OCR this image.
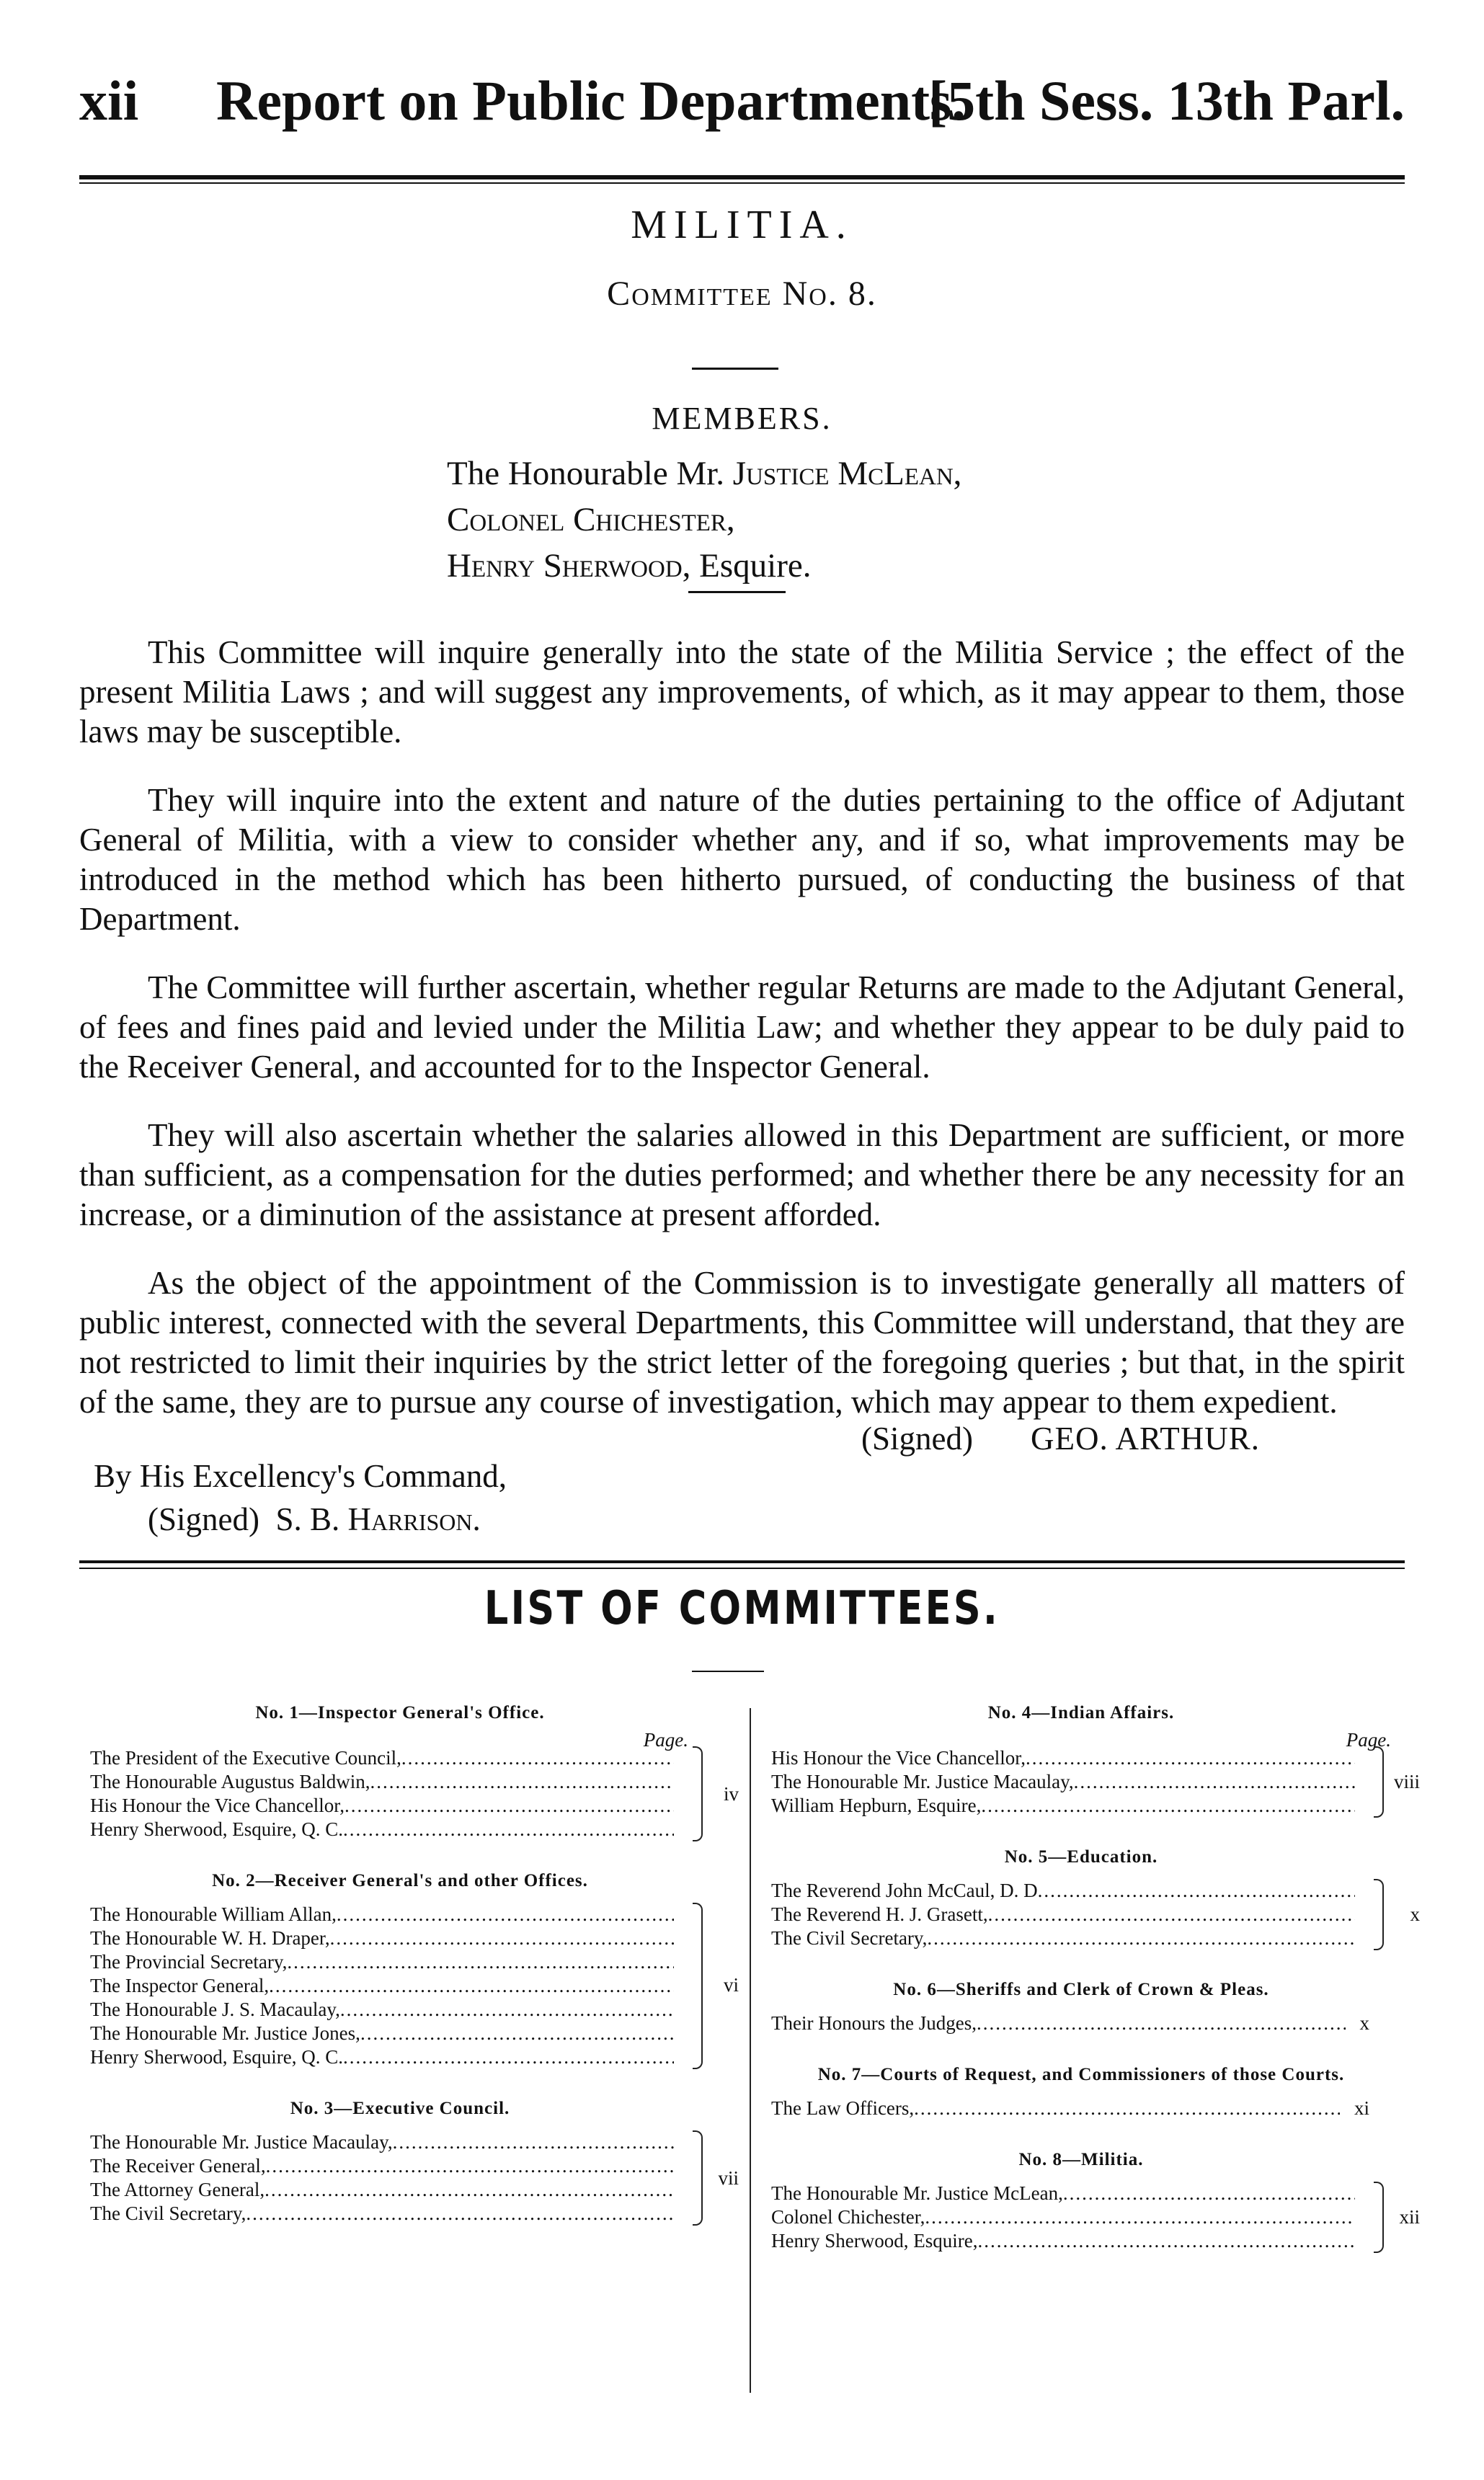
xii Report on Public Departments.
[5th Sess. 13th Parl.
MILITIA.
Committee No. 8.
MEMBERS.
The Honourable Mr. Justice McLean,
Colonel Chichester,
Henry Sherwood, Esquire.

This Committee will inquire generally into the state of the Militia Service ; the effect of the present Militia Laws ; and will suggest any improvements, of which, as it may appear to them, those laws may be susceptible.

They will inquire into the extent and nature of the duties pertaining to the office of Adjutant General of Militia, with a view to consider whether any, and if so, what improvements may be introduced in the method which has been hitherto pursued, of conducting the business of that Department.

The Committee will further ascertain, whether regular Returns are made to the Adjutant General, of fees and fines paid and levied under the Militia Law; and whether they appear to be duly paid to the Receiver General, and accounted for to the Inspector General.

They will also ascertain whether the salaries allowed in this Department are sufficient, or more than sufficient, as a compensation for the duties performed; and whether there be any necessity for an increase, or a diminution of the assistance at present afforded.

As the object of the appointment of the Commission is to investigate generally all matters of public interest, connected with the several Departments, this Committee will understand, that they are not restricted to limit their inquiries by the strict letter of the foregoing queries ; but that, in the spirit of the same, they are to pursue any course of investigation, which may appear to them expedient.

(Signed) GEO. ARTHUR.
By His Excellency's Command,
(Signed) S. B. Harrison.
LIST OF COMMITTEES.
No. 1—Inspector General's Office.
Page.
The President of the Executive Council,
.....
The Honourable Augustus Baldwin,
.....
His Honour the Vice Chancellor,
.....
Henry Sherwood, Esquire, Q. C.
.....
iv
No. 2—Receiver General's and other Offices.
The Honourable William Allan,
.....
The Honourable W. H. Draper,
.....
The Provincial Secretary,
.....
The Inspector General,
.....
The Honourable J. S. Macaulay,
.....
The Honourable Mr. Justice Jones,
.....
Henry Sherwood, Esquire, Q. C.
.....
vi
No. 3—Executive Council.
The Honourable Mr. Justice Macaulay,
.....
The Receiver General,
.....
The Attorney General,
.....
The Civil Secretary,
.....
vii
No. 4—Indian Affairs.
Page.
His Honour the Vice Chancellor,
.....
The Honourable Mr. Justice Macaulay,
.....
William Hepburn, Esquire,
.....
viii
No. 5—Education.
The Reverend John McCaul, D. D
.....
The Reverend H. J. Grasett,
.....
The Civil Secretary,
.....
x
No. 6—Sheriffs and Clerk of Crown & Pleas.
Their Honours the Judges, .....	x
No. 7—Courts of Request, and Commissioners of those Courts.
The Law Officers, .....	xi
No. 8—Militia.
The Honourable Mr. Justice McLean,
.....
Colonel Chichester,
.....
Henry Sherwood, Esquire,
.....
xii
